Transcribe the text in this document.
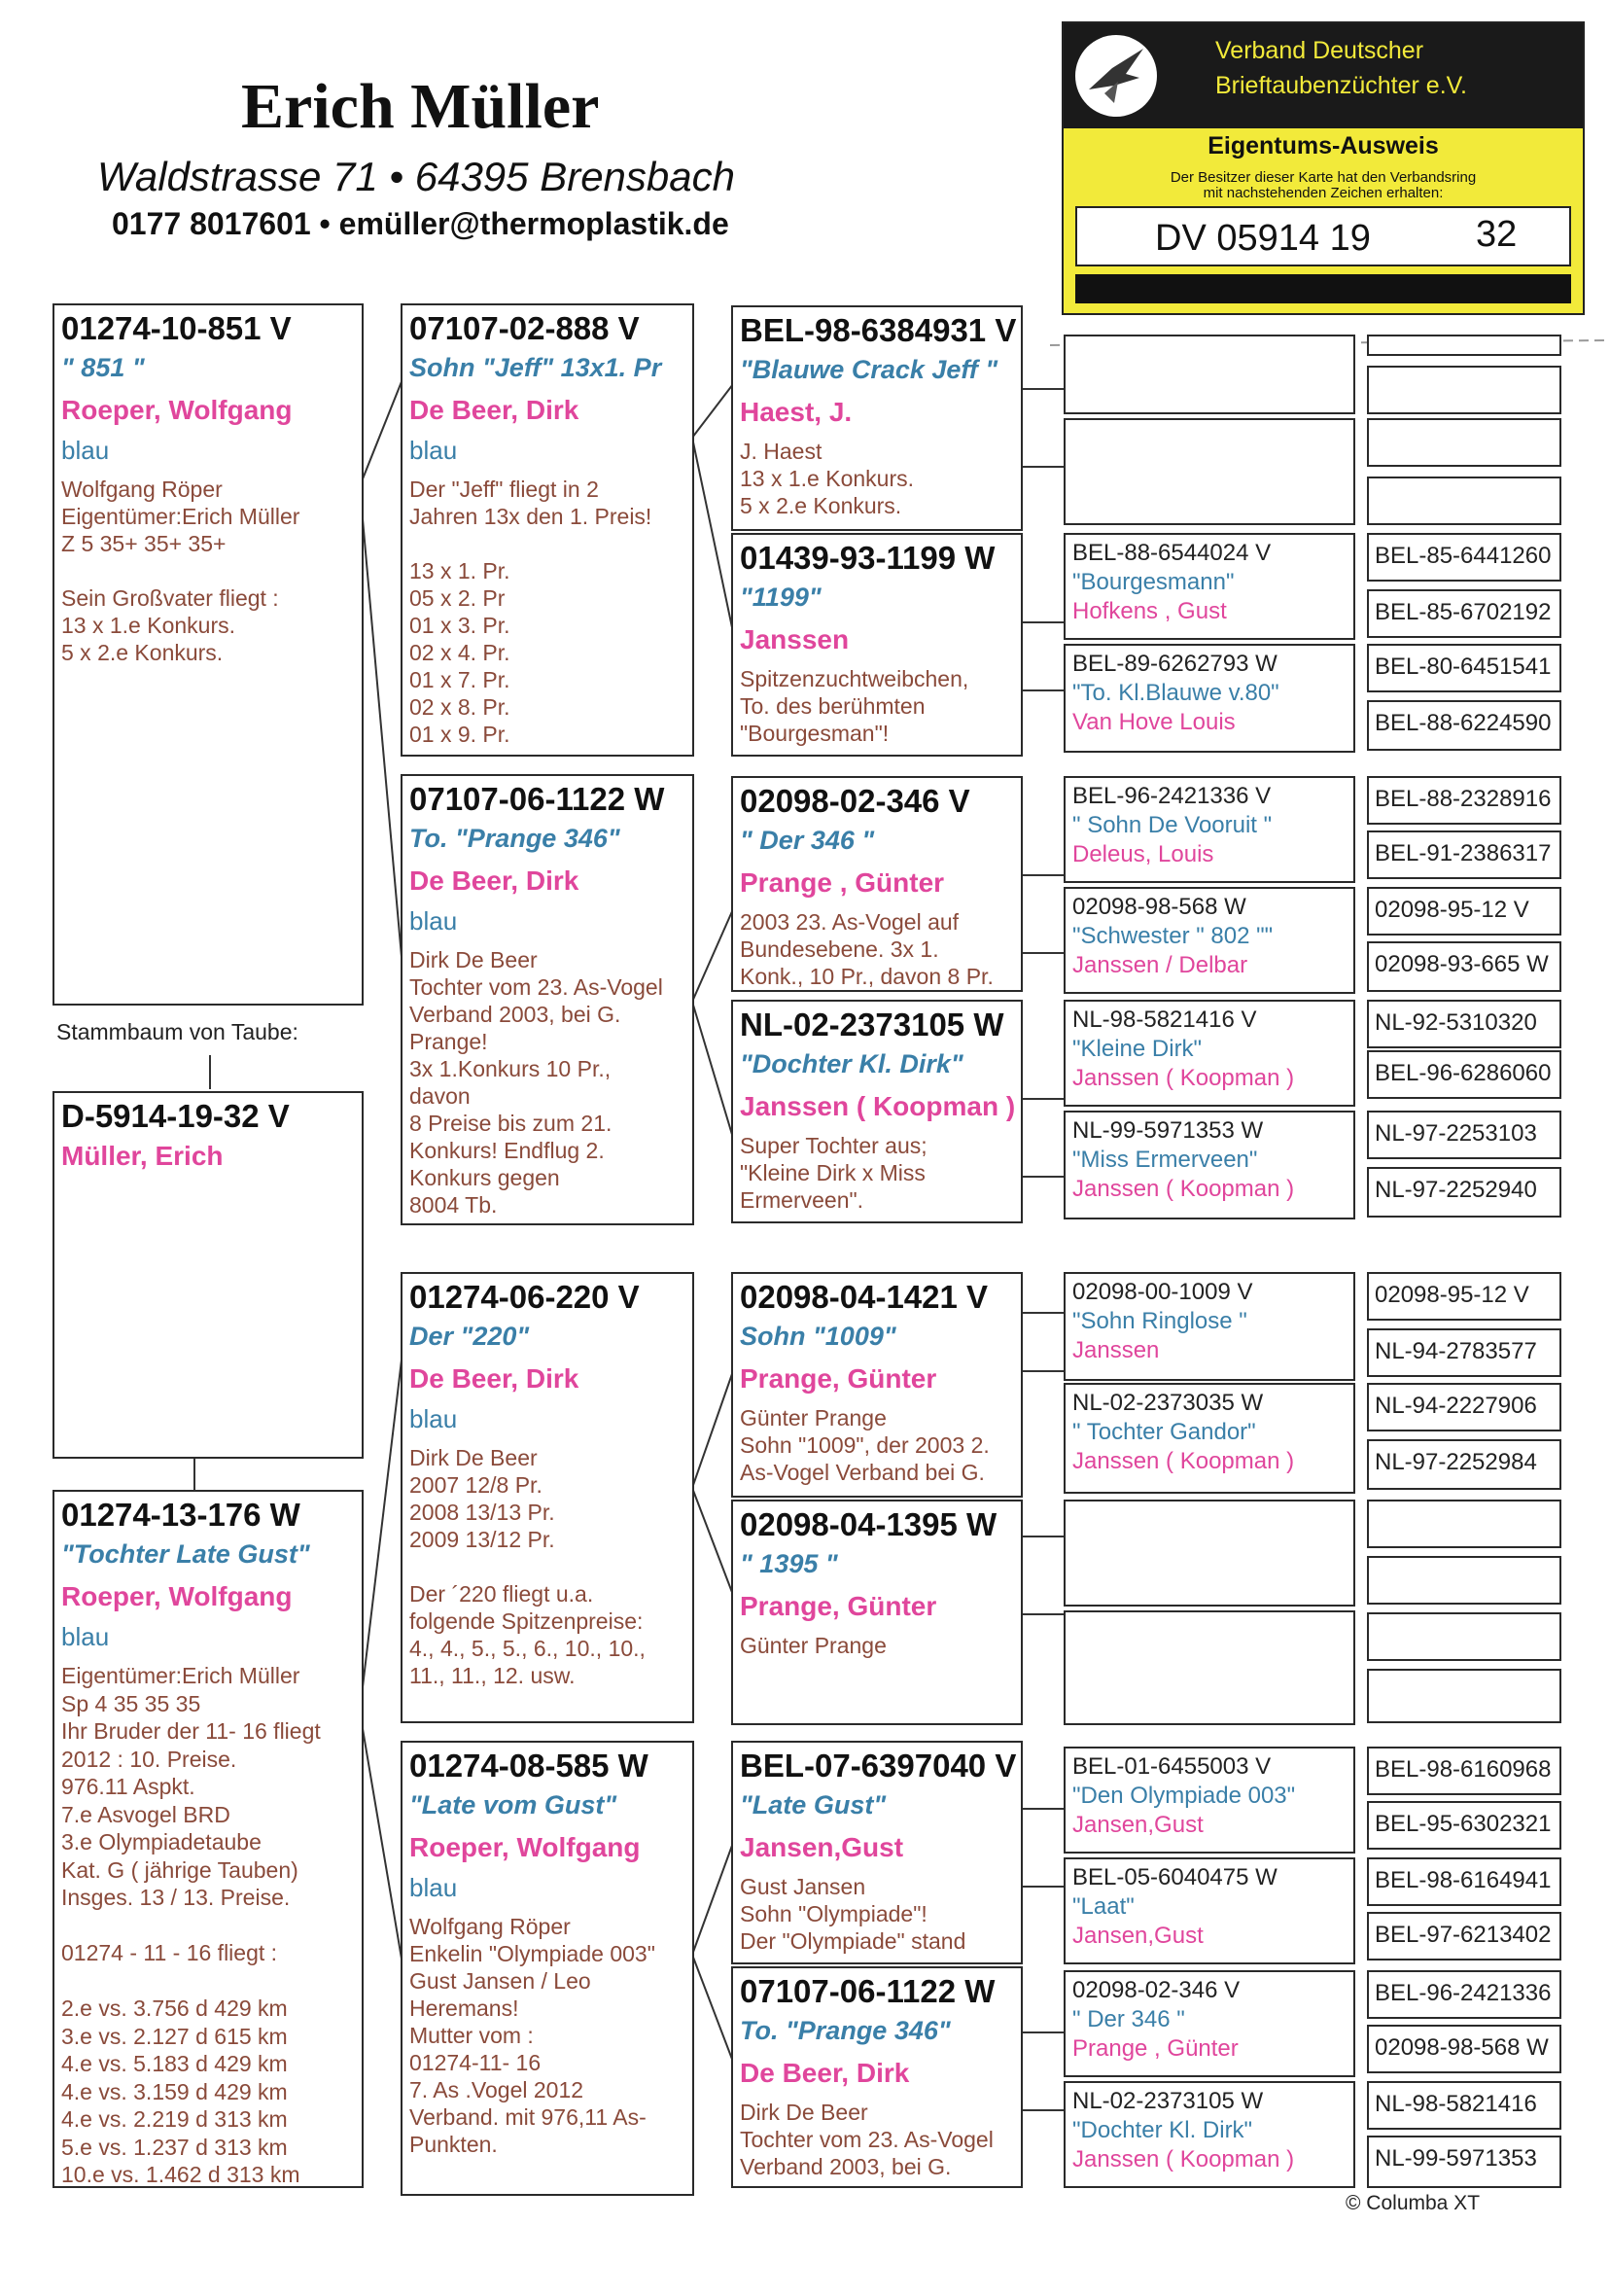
Erich Müller
Waldstrasse 71 • 64395 Brensbach
0177 8017601 • emüller@thermoplastik.de
Verband Deutscher
Brieftaubenzüchter e.V.
Eigentums-Ausweis
Der Besitzer dieser Karte hat den Verbandsring
mit nachstehenden Zeichen erhalten:
DV 05914 19	32
01274-10-851 V
" 851 "
Roeper, Wolfgang
blau
Wolfgang Röper
Eigentümer:Erich Müller
Z 5 35+ 35+ 35+

Sein Großvater fliegt :
13 x 1.e Konkurs.
5 x 2.e Konkurs.
Stammbaum von Taube:
D-5914-19-32 V
Müller, Erich
01274-13-176 W
"Tochter Late Gust"
Roeper, Wolfgang
blau
Eigentümer:Erich Müller
Sp 4 35 35 35
Ihr Bruder der 11- 16 fliegt
2012 : 10. Preise.
976.11 Aspkt.
7.e Asvogel BRD
3.e Olympiadetaube
Kat. G ( jährige Tauben)
Insges. 13 / 13. Preise.

01274 - 11 - 16 fliegt :

2.e vs. 3.756 d 429 km
3.e vs. 2.127 d 615 km
4.e vs. 5.183 d 429 km
4.e vs. 3.159 d 429 km
4.e vs. 2.219 d 313 km
5.e vs. 1.237 d 313 km
10.e vs. 1.462 d 313 km
07107-02-888 V
Sohn "Jeff" 13x1. Pr
De Beer, Dirk
blau
Der "Jeff" fliegt in 2
Jahren 13x den 1. Preis!

13 x 1. Pr.
05 x 2. Pr
01 x 3. Pr.
02 x 4. Pr.
01 x 7. Pr.
02 x 8. Pr.
01 x 9. Pr.
07107-06-1122 W
To. "Prange 346"
De Beer, Dirk
blau
Dirk De Beer
Tochter vom 23. As-Vogel
Verband 2003, bei G.
Prange!
3x 1.Konkurs 10 Pr.,
davon
8 Preise bis zum 21.
Konkurs! Endflug 2.
Konkurs gegen
8004 Tb.
01274-06-220 V
Der "220"
De Beer, Dirk
blau
Dirk De Beer
2007 12/8 Pr.
2008 13/13 Pr.
2009 13/12 Pr.

Der ´220 fliegt u.a.
folgende Spitzenpreise:
4., 4., 5., 5., 6., 10., 10.,
11., 11., 12. usw.
01274-08-585 W
"Late vom Gust"
Roeper, Wolfgang
blau
Wolfgang Röper
Enkelin "Olympiade 003"
Gust Jansen / Leo
Heremans!
Mutter vom :
01274-11- 16
7. As .Vogel 2012
Verband. mit 976,11 As-
Punkten.
BEL-98-6384931 V
"Blauwe Crack Jeff "
Haest, J.
J. Haest
13 x 1.e Konkurs.
5 x 2.e Konkurs.
01439-93-1199 W
"1199"
Janssen
Spitzenzuchtweibchen,
To. des berühmten
"Bourgesman"!
02098-02-346 V
" Der 346 "
Prange , Günter
2003 23. As-Vogel auf
Bundesebene. 3x 1.
Konk., 10 Pr., davon 8 Pr.
NL-02-2373105 W
"Dochter Kl. Dirk"
Janssen ( Koopman )
Super Tochter aus;
"Kleine Dirk x Miss
Ermerveen".
02098-04-1421 V
Sohn "1009"
Prange, Günter
Günter Prange
Sohn "1009", der 2003 2.
As-Vogel Verband bei G.
02098-04-1395 W
" 1395 "
Prange, Günter
Günter Prange
BEL-07-6397040 V
"Late Gust"
Jansen,Gust
Gust Jansen
Sohn "Olympiade"!
Der "Olympiade" stand
07107-06-1122 W
To. "Prange 346"
De Beer, Dirk
Dirk De Beer
Tochter vom 23. As-Vogel
Verband 2003, bei G.
BEL-88-6544024 V
"Bourgesmann"
Hofkens , Gust
BEL-89-6262793 W
"To. Kl.Blauwe v.80"
Van Hove Louis
BEL-96-2421336 V
" Sohn De Vooruit "
Deleus, Louis
02098-98-568 W
"Schwester " 802 ""
Janssen / Delbar
NL-98-5821416 V
"Kleine Dirk"
Janssen ( Koopman )
NL-99-5971353 W
"Miss Ermerveen"
Janssen ( Koopman )
02098-00-1009 V
"Sohn Ringlose "
Janssen
NL-02-2373035 W
" Tochter Gandor"
Janssen ( Koopman )
BEL-01-6455003 V
"Den Olympiade 003"
Jansen,Gust
BEL-05-6040475 W
"Laat"
Jansen,Gust
02098-02-346 V
" Der 346 "
Prange , Günter
NL-02-2373105 W
"Dochter Kl. Dirk"
Janssen ( Koopman )
BEL-85-6441260
BEL-85-6702192
BEL-80-6451541
BEL-88-6224590
BEL-88-2328916
BEL-91-2386317
02098-95-12 V
02098-93-665 W
NL-92-5310320
BEL-96-6286060
NL-97-2253103
NL-97-2252940
02098-95-12 V
NL-94-2783577
NL-94-2227906
NL-97-2252984
BEL-98-6160968
BEL-95-6302321
BEL-98-6164941
BEL-97-6213402
BEL-96-2421336
02098-98-568 W
NL-98-5821416
NL-99-5971353
© Columba XT
